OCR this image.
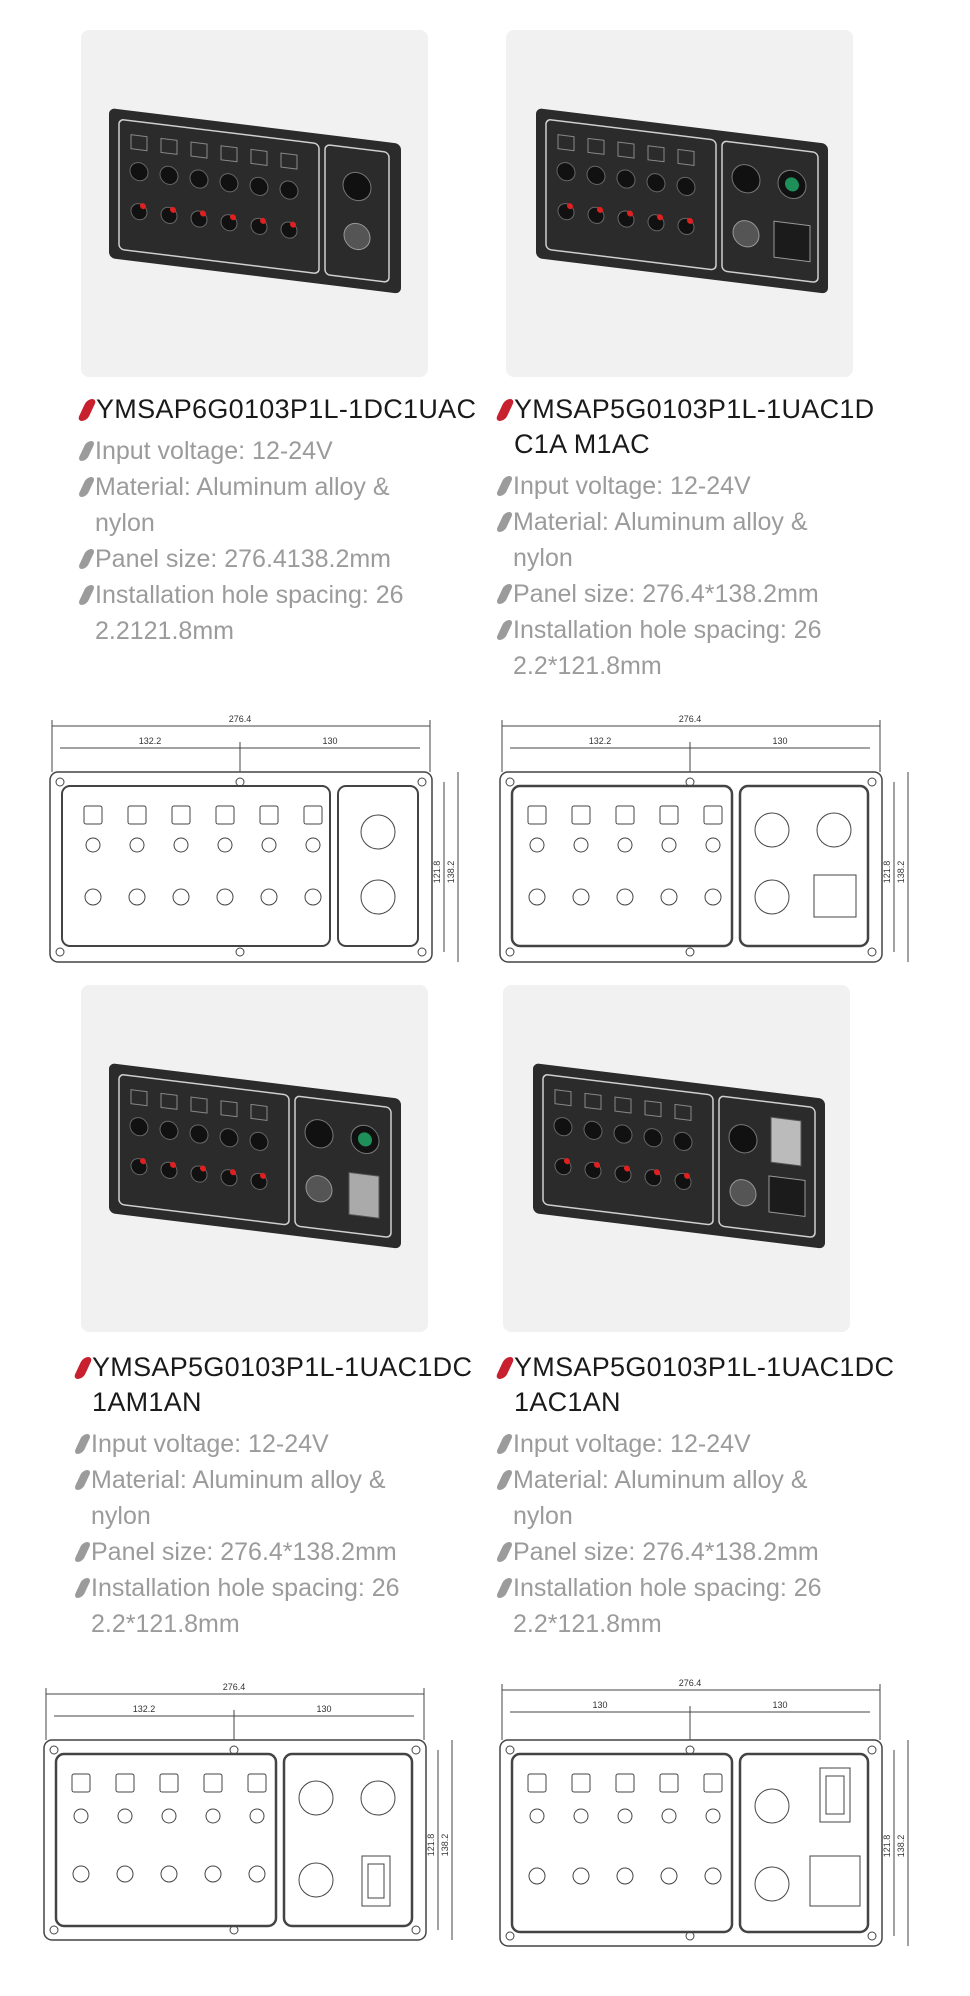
YMSAP6G0103P1L-1DC1UAC
Input voltage: 12-24V
Material: Aluminum alloy &
nylon
Panel size: 276.4138.2mm
Installation hole spacing: 26
2.2121.8mm
YMSAP5G0103P1L-1UAC1D
C1A M1AC
Input voltage: 12-24V
Material: Aluminum alloy &
nylon
Panel size: 276.4*138.2mm
Installation hole spacing: 26
2.2*121.8mm
276.4
132.2	130
121.8 138.2
276.4
132.2	130
121.8 138.2
YMSAP5G0103P1L-1UAC1DC
1AM1AN
Input voltage: 12-24V
Material: Aluminum alloy &
nylon
Panel size: 276.4*138.2mm
Installation hole spacing: 26
2.2*121.8mm
YMSAP5G0103P1L-1UAC1DC
1AC1AN
Input voltage: 12-24V
Material: Aluminum alloy &
nylon
Panel size: 276.4*138.2mm
Installation hole spacing: 26
2.2*121.8mm
276.4
132.2	130
121.8 138.2
276.4
130	130
121.8 138.2
